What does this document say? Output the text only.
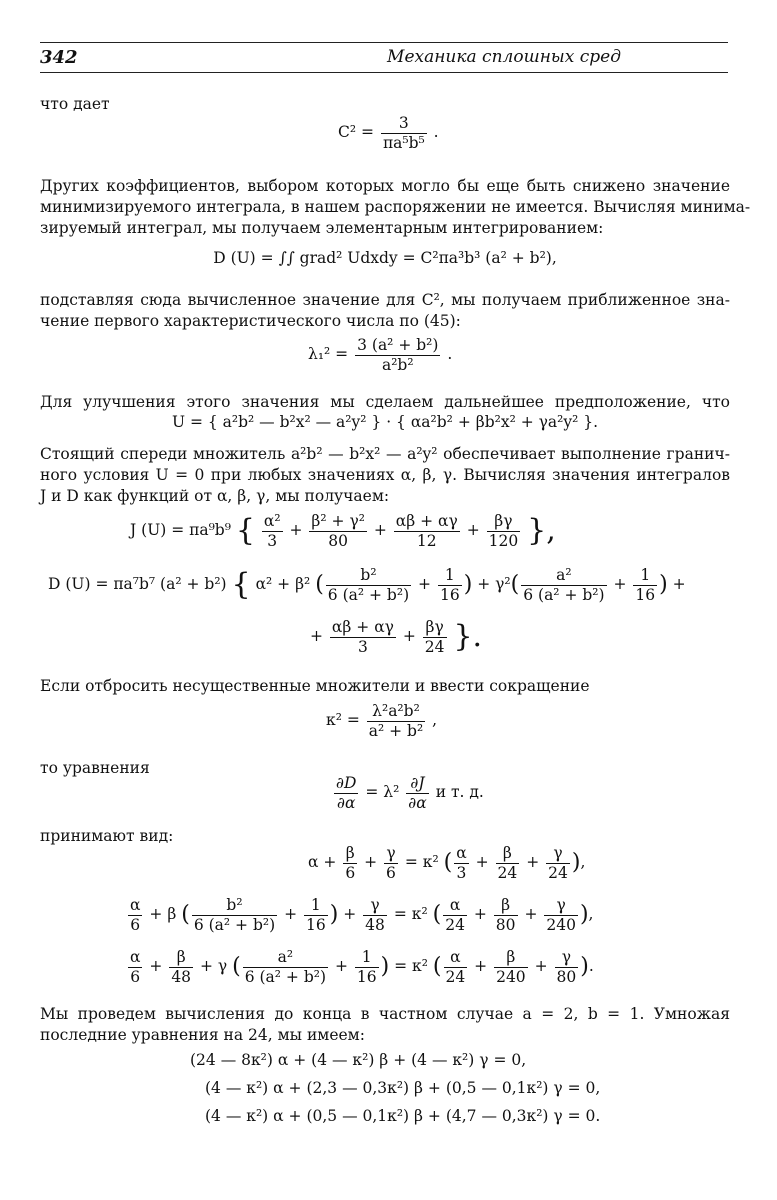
342	Механика сплошных сред
что дает
$C^2 = \frac{3}{\text{πa⁵b⁵}}$ .
Других коэффициентов, выбором которых могло бы еще быть снижено значение
минимизируемого интеграла, в нашем распоряжении не имеется. Вычисляя минима-
зируемый интеграл, мы получаем элементарным интегрированием:
D (U) = ∫∫ grad² Udxdy = C²πa³b³ (a² + b²),
подставляя сюда вычисленное значение для C², мы получаем приближенное зна-
чение первого характеристического числа по (45):
$\lambda_1^2 = \frac{\text{3 (a² + b²)}}{\text{a²b²}}$ .
Для улучшения этого значения мы сделаем дальнейшее предположение, что
U = { a²b² — b²x² — a²y² } · { αa²b² + βb²x² + γa²y² }.
Стоящий спереди множитель a²b² — b²x² — a²y² обеспечивает выполнение гранич-
ного условия U = 0 при любых значениях α, β, γ. Вычисляя значения интегралов
J и D как функций от α, β, γ, мы получаем:
J (U) = πa⁹b⁹ { $\frac{\text{α²}}{3} + \frac{\text{β² + γ²}}{80} + \frac{\alpha\beta + \alpha\gamma}{12} + \frac{\beta\gamma}{120}$ },
D (U) = πa⁷b⁷ (a² + b²) { α² + β² ( $\frac{\text{b²}}{\text{6 (a² + b²)}} + \frac{1}{16}$ ) + $\gamma^2( \frac{\text{a²}}{\text{6 (a² + b²)}} + \frac{1}{16}$ ) +
+ $\frac{\alpha\beta + \alpha\gamma}{3} + \frac{\beta\gamma}{24}$ }.
Если отбросить несущественные множители и ввести сокращение
$\kappa^2 = \frac{\text{λ²a²b²}}{\text{a² + b²}}$ ,
то уравнения
$\frac{\partial D}{\partial\alpha} = \lambda^2 \frac{\partial J}{\partial\alpha}$ и т. д.
принимают вид:
$\alpha + \frac{\beta}{6} + \frac{\gamma}{6} = \kappa^2$ ( $\frac{\alpha}{3} + \frac{\beta}{24} + \frac{\gamma}{24}$ ),
$\frac{\alpha}{6} + \beta$ ( $\frac{\text{b²}}{\text{6 (a² + b²)}} + \frac{1}{16}$ ) + $\frac{\gamma}{48} = \kappa^2$ ( $\frac{\alpha}{24} + \frac{\beta}{80} + \frac{\gamma}{240}$ ),
$\frac{\alpha}{6} + \frac{\beta}{48} + \gamma$ ( $\frac{\text{a²}}{\text{6 (a² + b²)}} + \frac{1}{16}$ ) = κ² ( $\frac{\alpha}{24} + \frac{\beta}{240} + \frac{\gamma}{80}$ ).
Мы проведем вычисления до конца в частном случае a = 2, b = 1. Умножая
последние уравнения на 24, мы имеем:
(24 — 8κ²) α + (4 — κ²) β + (4 — κ²) γ = 0,
(4 — κ²) α + (2,3 — 0,3κ²) β + (0,5 — 0,1κ²) γ = 0,
(4 — κ²) α + (0,5 — 0,1κ²) β + (4,7 — 0,3κ²) γ = 0.
